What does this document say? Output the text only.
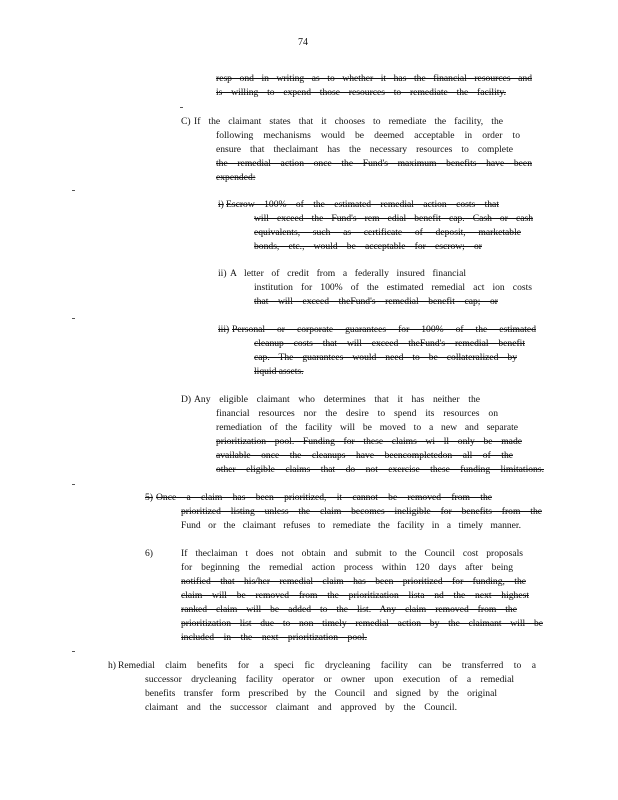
74
resp ond in writing as to whether it has the financial resources and
is willing to expend those resources to remediate the facility.
C) If the claimant states that it chooses to remediate the facility, the
following mechanisms would be deemed acceptable in order to
ensure that theclaimant has the necessary resources to complete
the remedial action once the Fund's maximum benefits have been
expended:
i) Escrow 100% of the estimated remedial action costs that
will exceed the Fund's rem edial benefit cap. Cash or cash
equivalents, such as certificate of deposit, marketable
bonds, etc., would be acceptable for escrow; or
ii) A letter of credit from a federally insured financial
institution for 100% of the estimated remedial act ion costs
that will exceed theFund's remedial benefit cap; or
iii) Personal or corporate guarantees for 100% of the estimated
cleanup costs that will exceed theFund's remedial benefit
cap. The guarantees would need to be collateralized by
liquid assets.
D) Any eligible claimant who determines that it has neither the
financial resources nor the desire to spend its resources on
remediation of the facility will be moved to a new and separate
prioritization pool. Funding for these claims wi ll only be made
available once the cleanups have beencompletedon all of the
other eligible claims that do not exercise these funding limitations.
5) Once a claim has been prioritized, it cannot be removed from the
prioritized listing unless the claim becomes ineligible for benefits from the
Fund or the claimant refuses to remediate the facility in a timely manner.
6)	If theclaiman t does not obtain and submit to the Council cost proposals
for beginning the remedial action process within 120 days after being
notified that his/her remedial claim has been prioritized for funding, the
claim will be removed from the prioritization lista nd the next highest
ranked claim will be added to the list. Any claim removed from the
prioritization list due to non timely remedial action by the claimant will be
included in the next prioritization pool.
h) Remedial claim benefits for a speci fic drycleaning facility can be transferred to a
successor drycleaning facility operator or owner upon execution of a remedial
benefits transfer form prescribed by the Council and signed by the original
claimant and the successor claimant and approved by the Council.
